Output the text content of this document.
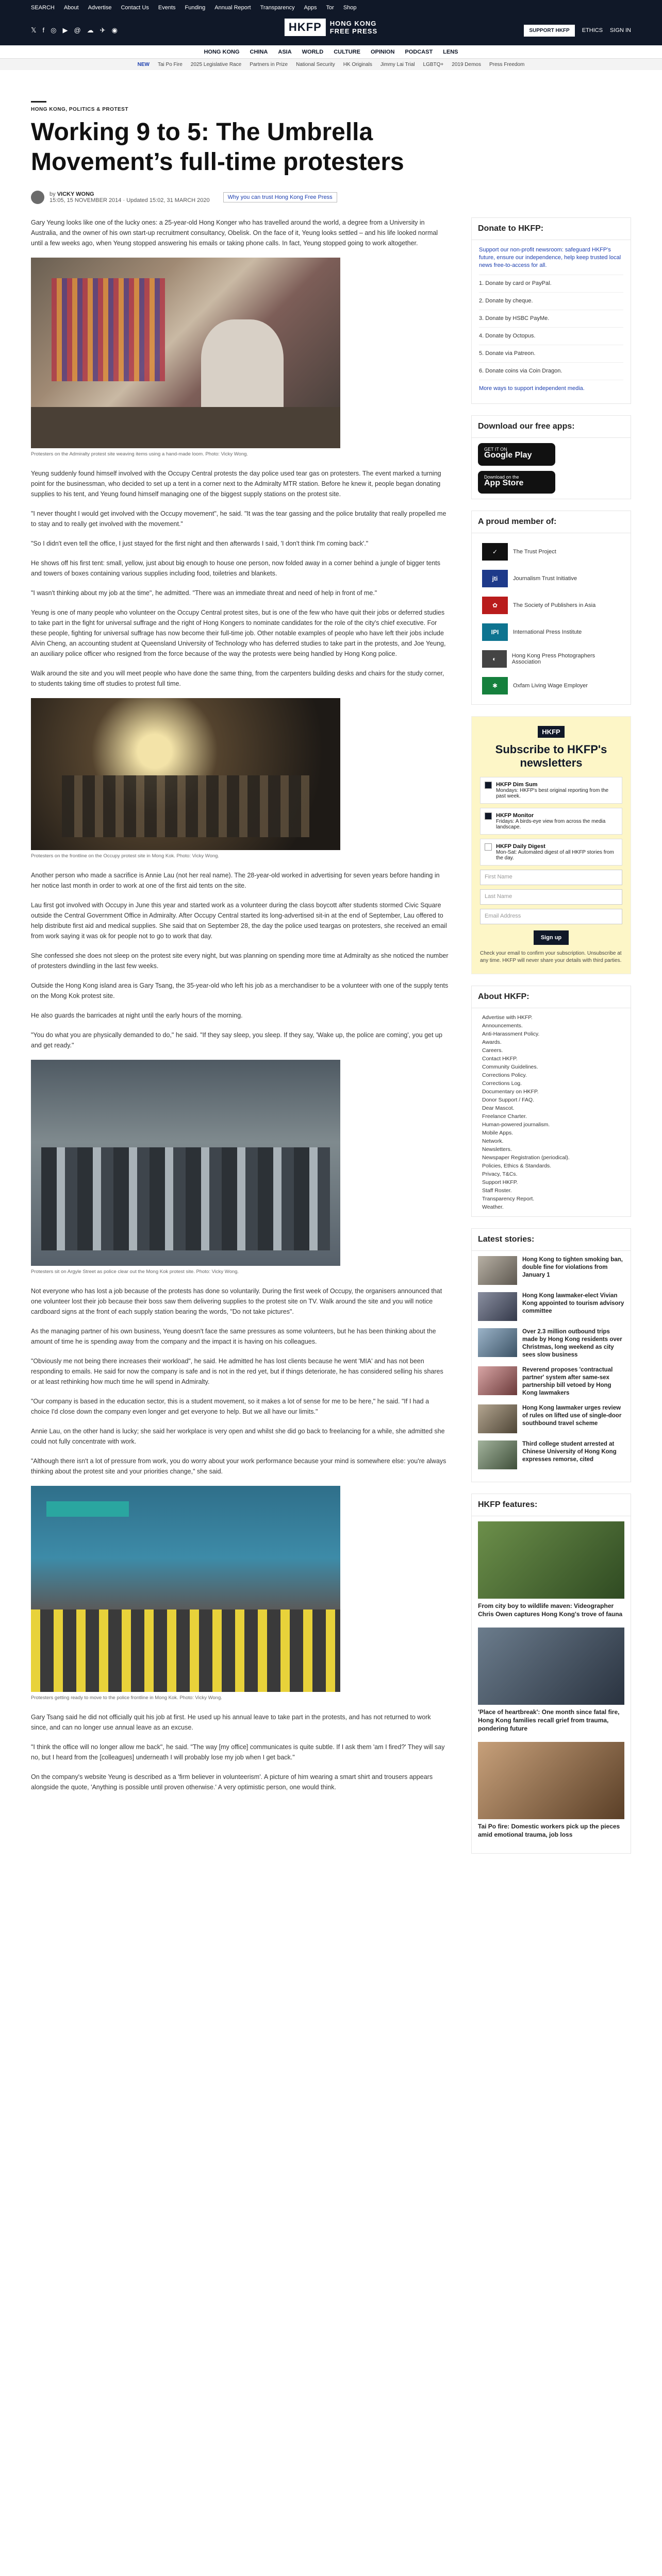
SEARCH About Advertise Contact Us Events Funding Annual Report Transparency Apps Tor Shop
𝕏 f ◎ ▶ @ ☁ ✈ ◉	HKFP	HONG KONG
FREE PRESS	SUPPORT HKFP	ETHICS SIGN IN
HONG KONG CHINA ASIA WORLD CULTURE OPINION PODCAST LENS
NEW Tai Po Fire 2025 Legislative Race Partners in Prize National Security HK Originals Jimmy Lai Trial LGBTQ+ 2019 Demos Press Freedom
HONG KONG, POLITICS & PROTEST
Working 9 to 5: The Umbrella Movement’s full-time protesters
by VICKY WONG
15:05, 15 NOVEMBER 2014 · Updated 15:02, 31 MARCH 2020	Why you can trust Hong Kong Free Press

Gary Yeung looks like one of the lucky ones: a 25-year-old Hong Konger who has travelled around the world, a degree from a University in Australia, and the owner of his own start-up recruitment consultancy, Obelisk. On the face of it, Yeung looks settled – and his life looked normal until a few weeks ago, when Yeung stopped answering his emails or taking phone calls. In fact, Yeung stopped going to work altogether.

Protesters on the Admiralty protest site weaving items using a hand-made loom. Photo: Vicky Wong.

Yeung suddenly found himself involved with the Occupy Central protests the day police used tear gas on protesters. The event marked a turning point for the businessman, who decided to set up a tent in a corner next to the Admiralty MTR station. Before he knew it, people began donating supplies to his tent, and Yeung found himself managing one of the biggest supply stations on the protest site.

"I never thought I would get involved with the Occupy movement", he said. "It was the tear gassing and the police brutality that really propelled me to stay and to really get involved with the movement."

"So I didn't even tell the office, I just stayed for the first night and then afterwards I said, 'I don't think I'm coming back'."

He shows off his first tent: small, yellow, just about big enough to house one person, now folded away in a corner behind a jungle of bigger tents and towers of boxes containing various supplies including food, toiletries and blankets.

"I wasn't thinking about my job at the time", he admitted. "There was an immediate threat and need of help in front of me."

Yeung is one of many people who volunteer on the Occupy Central protest sites, but is one of the few who have quit their jobs or deferred studies to take part in the fight for universal suffrage and the right of Hong Kongers to nominate candidates for the role of the city's chief executive. For these people, fighting for universal suffrage has now become their full-time job. Other notable examples of people who have left their jobs include Alvin Cheng, an accounting student at Queensland University of Technology who has deferred studies to take part in the protests, and Joe Yeung, an auxiliary police officer who resigned from the force because of the way the protests were being handled by Hong Kong police.

Walk around the site and you will meet people who have done the same thing, from the carpenters building desks and chairs for the study corner, to students taking time off studies to protest full time.

Protesters on the frontline on the Occupy protest site in Mong Kok. Photo: Vicky Wong.

Another person who made a sacrifice is Annie Lau (not her real name). The 28-year-old worked in advertising for seven years before handing in her notice last month in order to work at one of the first aid tents on the site.

Lau first got involved with Occupy in June this year and started work as a volunteer during the class boycott after students stormed Civic Square outside the Central Government Office in Admiralty. After Occupy Central started its long-advertised sit-in at the end of September, Lau offered to help distribute first aid and medical supplies. She said that on September 28, the day the police used teargas on protesters, she received an email from work saying it was ok for people not to go to work that day.

She confessed she does not sleep on the protest site every night, but was planning on spending more time at Admiralty as she noticed the number of protesters dwindling in the last few weeks.

Outside the Hong Kong island area is Gary Tsang, the 35-year-old who left his job as a merchandiser to be a volunteer with one of the supply tents on the Mong Kok protest site.

He also guards the barricades at night until the early hours of the morning.

"You do what you are physically demanded to do," he said. "If they say sleep, you sleep. If they say, 'Wake up, the police are coming', you get up and get ready."

Protesters sit on Argyle Street as police clear out the Mong Kok protest site. Photo: Vicky Wong.

Not everyone who has lost a job because of the protests has done so voluntarily. During the first week of Occupy, the organisers announced that one volunteer lost their job because their boss saw them delivering supplies to the protest site on TV. Walk around the site and you will notice cardboard signs at the front of each supply station bearing the words, "Do not take pictures".

As the managing partner of his own business, Yeung doesn't face the same pressures as some volunteers, but he has been thinking about the amount of time he is spending away from the company and the impact it is having on his colleagues.

"Obviously me not being there increases their workload", he said. He admitted he has lost clients because he went 'MIA' and has not been responding to emails. He said for now the company is safe and is not in the red yet, but if things deteriorate, he has considered selling his shares or at least rethinking how much time he will spend in Admiralty.

"Our company is based in the education sector, this is a student movement, so it makes a lot of sense for me to be here," he said. "If I had a choice I'd close down the company even longer and get everyone to help. But we all have our limits."

Annie Lau, on the other hand is lucky; she said her workplace is very open and whilst she did go back to freelancing for a while, she admitted she could not fully concentrate with work.

"Although there isn't a lot of pressure from work, you do worry about your work performance because your mind is somewhere else: you're always thinking about the protest site and your priorities change," she said.

Protesters getting ready to move to the police frontline in Mong Kok. Photo: Vicky Wong.

Gary Tsang said he did not officially quit his job at first. He used up his annual leave to take part in the protests, and has not returned to work since, and can no longer use annual leave as an excuse.

"I think the office will no longer allow me back", he said. "The way [my office] communicates is quite subtle. If I ask them 'am I fired?' They will say no, but I heard from the [colleagues] underneath I will probably lose my job when I get back."

On the company's website Yeung is described as a 'firm believer in volunteerism'. A picture of him wearing a smart shirt and trousers appears alongside the quote, 'Anything is possible until proven otherwise.' A very optimistic person, one would think.

Donate to HKFP:

Support our non-profit newsroom: safeguard HKFP's future, ensure our independence, help keep trusted local news free-to-access for all.

1. Donate by card or PayPal.
2. Donate by cheque.
3. Donate by HSBC PayMe.
4. Donate by Octopus.
5. Donate via Patreon.
6. Donate coins via Coin Dragon.
More ways to support independent media.
Download our free apps:
GET IT ON
Google Play
Download on the
App Store
A proud member of:
✓	The Trust Project
jti	Journalism Trust Initiative
✿	The Society of Publishers in Asia
IPI	International Press Institute
◐	Hong Kong Press Photographers Association
✱	Oxfam Living Wage Employer
HKFP
Subscribe to HKFP's newsletters
HKFP Dim Sum
Mondays: HKFP's best original reporting from the past week.
HKFP Monitor
Fridays: A birds-eye view from across the media landscape.
HKFP Daily Digest
Mon-Sat: Automated digest of all HKFP stories from the day.
First Name
Last Name
Email Address
Sign up

Check your email to confirm your subscription. Unsubscribe at any time. HKFP will never share your details with third parties.

About HKFP:
Advertise with HKFP.
Announcements.
Anti-Harassment Policy.
Awards.
Careers.
Contact HKFP.
Community Guidelines.
Corrections Policy.
Corrections Log.
Documentary on HKFP.
Donor Support / FAQ.
Dear Mascot.
Freelance Charter.
Human-powered journalism.
Mobile Apps.
Network.
Newsletters.
Newspaper Registration (periodical).
Policies, Ethics & Standards.
Privacy, T&Cs.
Support HKFP.
Staff Roster.
Transparency Report.
Weather.
Latest stories:
Hong Kong to tighten smoking ban, double fine for violations from January 1
Hong Kong lawmaker-elect Vivian Kong appointed to tourism advisory committee
Over 2.3 million outbound trips made by Hong Kong residents over Christmas, long weekend as city sees slow business
Reverend proposes 'contractual partner' system after same-sex partnership bill vetoed by Hong Kong lawmakers
Hong Kong lawmaker urges review of rules on lifted use of single-door southbound travel scheme
Third college student arrested at Chinese University of Hong Kong expresses remorse, cited
HKFP features:
From city boy to wildlife maven: Videographer Chris Owen captures Hong Kong's trove of fauna
'Place of heartbreak': One month since fatal fire, Hong Kong families recall grief from trauma, pondering future
Tai Po fire: Domestic workers pick up the pieces amid emotional trauma, job loss
